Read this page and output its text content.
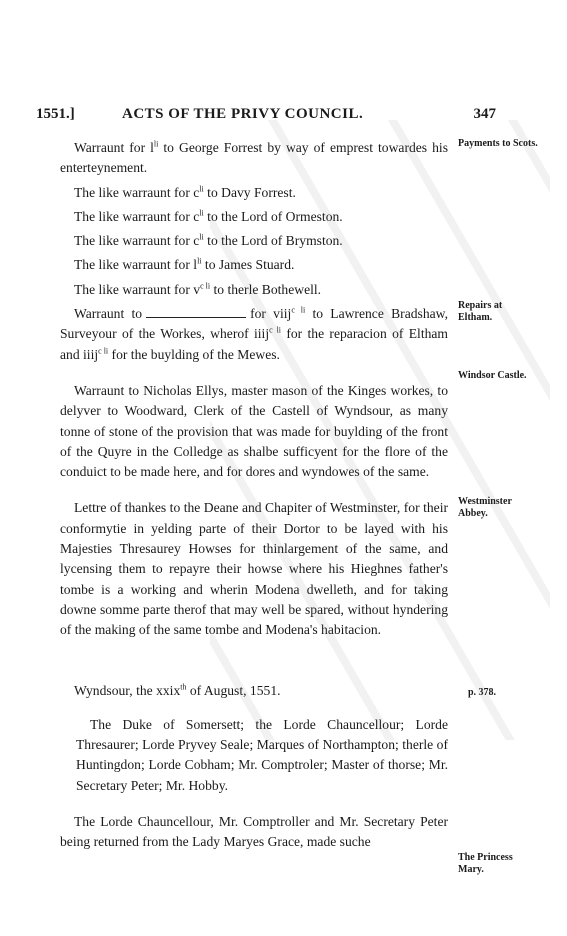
1551.]	ACTS OF THE PRIVY COUNCIL.	347

Warraunt for $l^{li}$ to George Forrest by way of emprest towardes his enterteynement.

The like warraunt for $c^{li}$ to Davy Forrest.

The like warraunt for $c^{li}$ to the Lord of Ormeston.

The like warraunt for $c^{li}$ to the Lord of Brymston.

The like warraunt for $l^{li}$ to James Stuard.

The like warraunt for $v^{c li}$ to therle Bothewell.

Warraunt to	for viij$^{c li}$ to Lawrence Bradshaw, Surveyour of the Workes, wherof iiij$^{c li}$ for the reparacion of Eltham and iiij$^{c li}$ for the buylding of the Mewes.

Warraunt to Nicholas Ellys, master mason of the Kinges workes, to delyver to Woodward, Clerk of the Castell of Wyndsour, as many tonne of stone of the provision that was made for buylding of the front of the Quyre in the Colledge as shalbe sufficyent for the flore of the conduict to be made here, and for dores and wyndowes of the same.

Lettre of thankes to the Deane and Chapiter of Westminster, for their conformytie in yelding parte of their Dortor to be layed with his Majesties Thresaurey Howses for thinlargement of the same, and lycensing them to repayre their howse where his Hieghnes father's tombe is a working and wherin Modena dwelleth, and for taking downe somme parte therof that may well be spared, without hyndering of the making of the same tombe and Modena's habitacion.

Wyndsour, the xxix$^{th}$ of August, 1551.	p. 378.

The Duke of Somersett; the Lorde Chauncellour; Lorde Thresaurer; Lorde Pryvey Seale; Marques of Northampton; therle of Huntingdon; Lorde Cobham; Mr. Comptroler; Master of thorse; Mr. Secretary Peter; Mr. Hobby.

The Lorde Chauncellour, Mr. Comptroller and Mr. Secretary Peter being returned from the Lady Maryes Grace, made suche

Payments to Scots.
Repairs at Eltham.
Windsor Castle.
Westminster Abbey.
The Princess Mary.
